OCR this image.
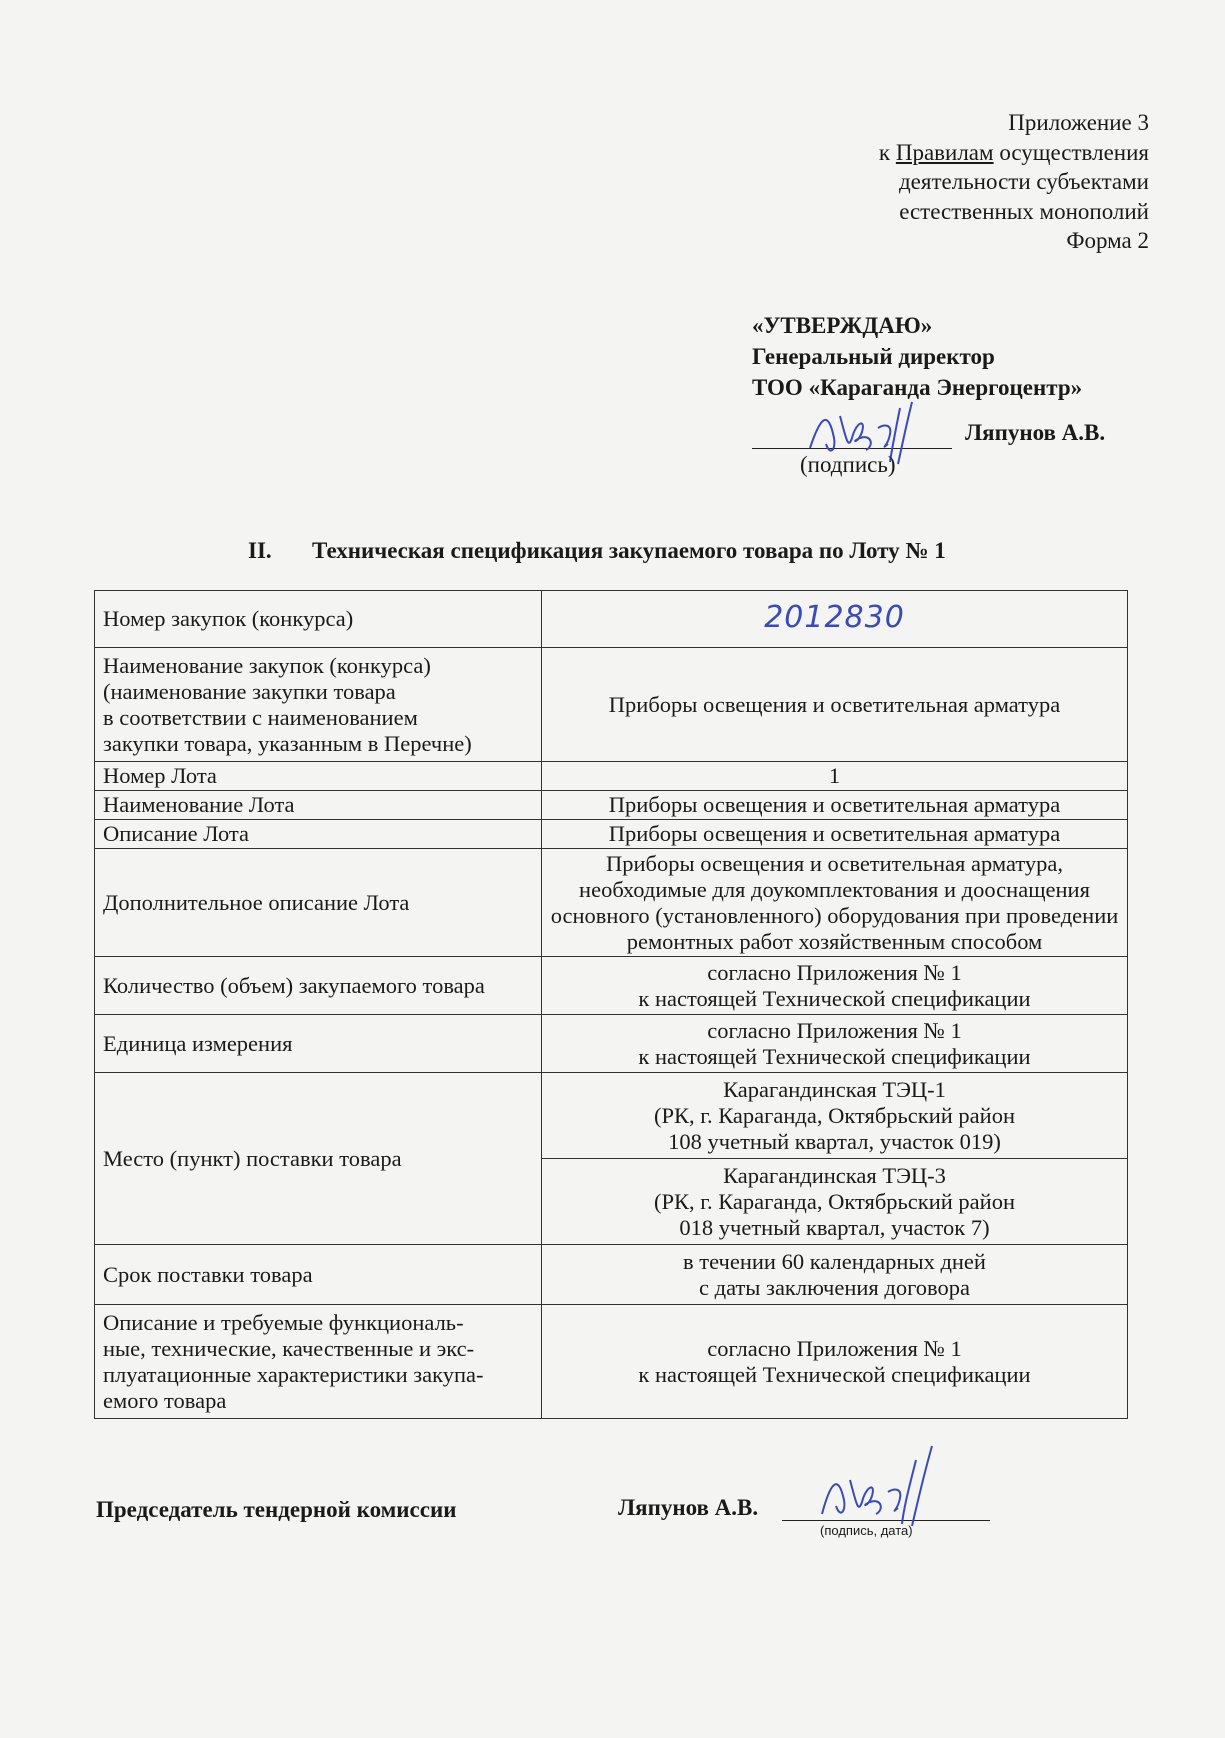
Приложение 3
к Правилам осуществления
деятельности субъектами
естественных монополий
Форма 2
«УТВЕРЖДАЮ»
Генеральный директор
ТОО «Караганда Энергоцентр»
Ляпунов А.В.
(подпись)
II. Техническая спецификация закупаемого товара по Лоту № 1
Номер закупок (конкурса)	2012830

Наименование закупок (конкурса)
(наименование закупки товара
в соответствии с наименованием
закупки товара, указанным в Перечне)	Приборы освещения и осветительная арматура
Номер Лота	1
Наименование Лота	Приборы освещения и осветительная арматура
Описание Лота	Приборы освещения и осветительная арматура
Дополнительное описание Лота	Приборы освещения и осветительная арматура,
необходимые для доукомплектования и дооснащения
основного (установленного) оборудования при проведении
ремонтных работ хозяйственным способом

Количество (объем) закупаемого товара	согласно Приложения № 1
к настоящей Технической спецификации

Единица измерения	согласно Приложения № 1
к настоящей Технической спецификации

Место (пункт) поставки товара	Карагандинская ТЭЦ-1
(РК, г. Караганда, Октябрьский район
108 учетный квартал, участок 019)

	Карагандинская ТЭЦ-3
(РК, г. Караганда, Октябрьский район
018 учетный квартал, участок 7)

Срок поставки товара	в течении 60 календарных дней
с даты заключения договора

Описание и требуемые функциональ-
ные, технические, качественные и экс-
плуатационные характеристики закупа-
емого товара	согласно Приложения № 1
к настоящей Технической спецификации
Председатель тендерной комиссии	Ляпунов А.В.
(подпись, дата)
